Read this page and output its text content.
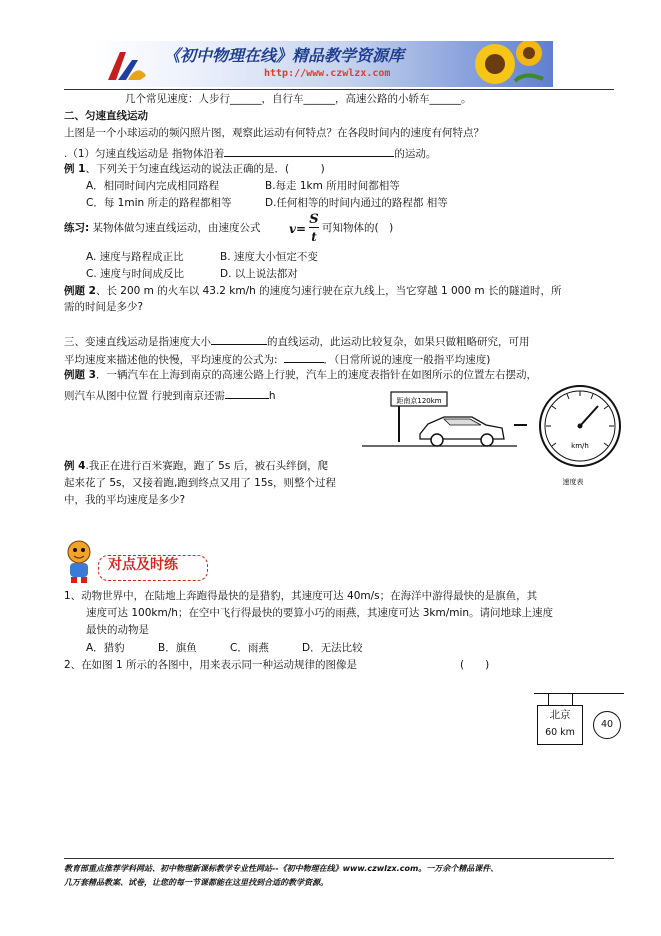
《初中物理在线》精品教学资源库
http://www.czwlzx.com
几个常见速度：人步行______，自行车______，高速公路的小轿车______。
二、匀速直线运动
上图是一个小球运动的频闪照片图，观察此运动有何特点？在各段时间内的速度有何特点？
.（1）匀速直线运动是 指物体沿着	的运动。
例 1、下列关于匀速直线运动的说法正确的是．(　　　)
A．相同时间内完成相同路程	B.每走 1km 所用时间都相等
C．每 1min 所走的路程都相等	D.任何相等的时间内通过的路程都 相等
练习: 某物体做匀速直线运动，由速度公式 v=
S
t
可知物体的(　)
A. 速度与路程成正比	B. 速度大小恒定不变
C. 速度与时间成反比	D. 以上说法都对
例题 2、长 200 m 的火车以 43.2 km/h 的速度匀速行驶在京九线上，当它穿越 1 000 m 长的隧道时，所
需的时间是多少?
三、变速直线运动是指速度大小	的直线运动，此运动比较复杂，如果只做粗略研究，可用
平均速度来描述他的快慢，平均速度的公式为:	．（日常所说的速度一般指平均速度)
例题 3．一辆汽车在上海到南京的高速公路上行驶，汽车上的速度表指针在如图所示的位置左右摆动，
则汽车从图中位置 行驶到南京还需	h	距南京120km
km/h
速度表
例 4.我正在进行百米赛跑，跑了 5s 后，被石头绊倒，爬
起来花了 5s，又接着跑,跑到终点又用了 15s，则整个过程
中，我的平均速度是多少?
对点及时练
1、动物世界中，在陆地上奔跑得最快的是猎豹，其速度可达 40m/s；在海洋中游得最快的是旗鱼，其
速度可达 100km/h；在空中飞行得最快的要算小巧的雨燕，其速度可达 3km/min。请问地球上速度
最快的动物是
A．猎豹	B．旗鱼	C．雨燕	D．无法比较
2、在如图 1 所示的各图中，用来表示同一种运动规律的图像是	(　　)
北京
60 km
40
教育部重点推荐学科网站、初中物理新课标教学专业性网站--《初中物理在线》www.czwlzx.com。一万余个精品课件、
几万套精品教案、试卷，让您的每一节课都能在这里找到合适的教学资源。
